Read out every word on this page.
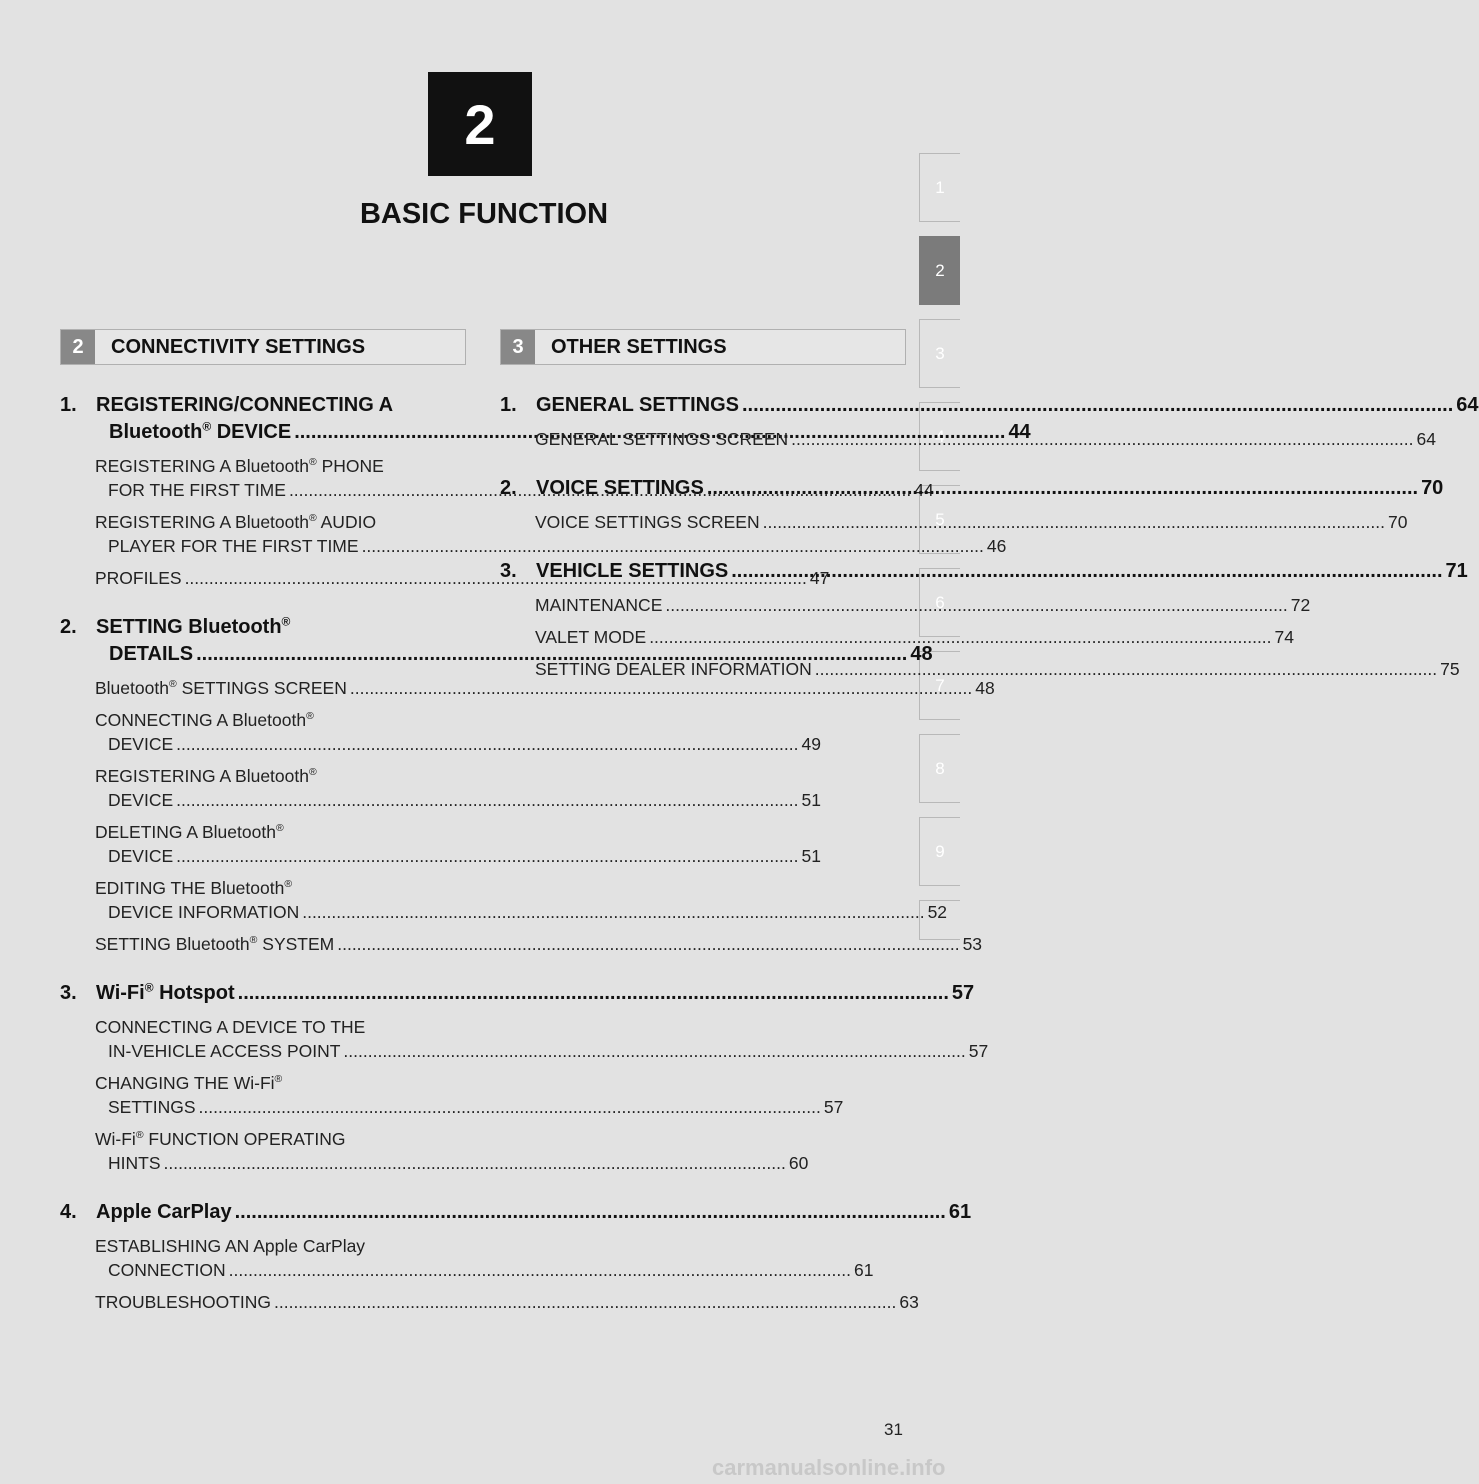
2
BASIC FUNCTION
1
2
3
4
5
6
7
8
9
2	CONNECTIVITY SETTINGS
1. REGISTERING/CONNECTING A
Bluetooth® DEVICE .....	44
REGISTERING A Bluetooth® PHONE
FOR THE FIRST TIME .....	44
REGISTERING A Bluetooth® AUDIO
PLAYER FOR THE FIRST TIME .....	46
PROFILES .....	47
2. SETTING Bluetooth®
DETAILS .....	48
Bluetooth® SETTINGS SCREEN .....	48
CONNECTING A Bluetooth®
DEVICE .....	49
REGISTERING A Bluetooth®
DEVICE .....	51
DELETING A Bluetooth®
DEVICE .....	51
EDITING THE Bluetooth®
DEVICE INFORMATION .....	52
SETTING Bluetooth® SYSTEM .....	53
3. Wi-Fi® Hotspot .....	57
CONNECTING A DEVICE TO THE
IN-VEHICLE ACCESS POINT .....	57
CHANGING THE Wi-Fi®
SETTINGS .....	57
Wi-Fi® FUNCTION OPERATING
HINTS .....	60
4. Apple CarPlay .....	61
ESTABLISHING AN Apple CarPlay
CONNECTION .....	61
TROUBLESHOOTING .....	63
3	OTHER SETTINGS
1. GENERAL SETTINGS .....	64
GENERAL SETTINGS SCREEN .....	64
2. VOICE SETTINGS .....	70
VOICE SETTINGS SCREEN .....	70
3. VEHICLE SETTINGS .....	71
MAINTENANCE .....	72
VALET MODE .....	74
SETTING DEALER INFORMATION .....	75
31
carmanualsonline.info
